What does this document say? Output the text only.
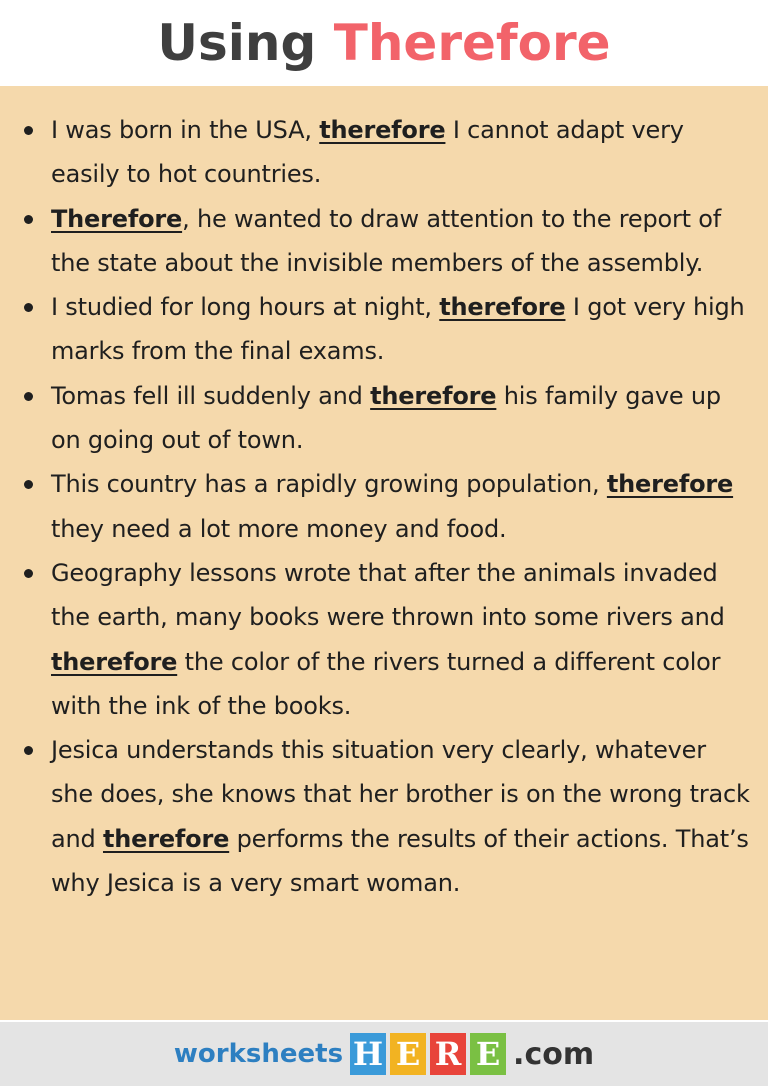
Using
Therefore
I was born in the USA, therefore I cannot adapt very easily to hot countries.
Therefore, he wanted to draw attention to the report of the state about the invisible members of the assembly.
I studied for long hours at night, therefore I got very high marks from the final exams.
Tomas fell ill suddenly and therefore his family gave up on going out of town.
This country has a rapidly growing population, therefore they need a lot more money and food.
Geography lessons wrote that after the animals invaded the earth, many books were thrown into some rivers and therefore the color of the rivers turned a different color with the ink of the books.
Jesica understands this situation very clearly, whatever she does, she knows that her brother is on the wrong track and therefore performs the results of their actions. That’s why Jesica is a very smart woman.
worksheets H E R E .com
